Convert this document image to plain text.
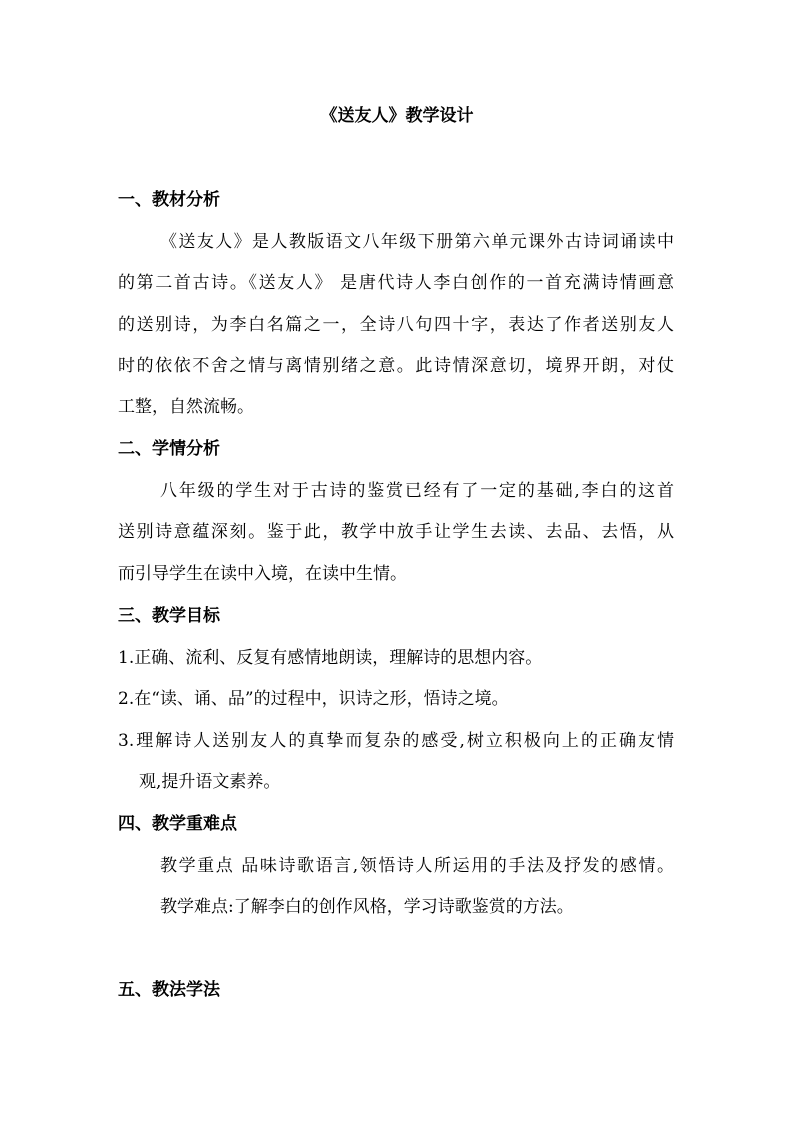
《送友人》教学设计
一、教材分析
《送友人》是人教版语文八年级下册第六单元课外古诗词诵读中
的第二首古诗。《送友人》 是唐代诗人李白创作的一首充满诗情画意
的送别诗，为李白名篇之一，全诗八句四十字，表达了作者送别友人
时的依依不舍之情与离情别绪之意。此诗情深意切，境界开朗，对仗
工整，自然流畅。
二、学情分析
八年级的学生对于古诗的鉴赏已经有了一定的基础,李白的这首
送别诗意蕴深刻。鉴于此，教学中放手让学生去读、去品、去悟，从
而引导学生在读中入境，在读中生情。
三、教学目标
1.正确、流利、反复有感情地朗读，理解诗的思想内容。
2.在“读、诵、品”的过程中，识诗之形，悟诗之境。
3.理解诗人送别友人的真挚而复杂的感受,树立积极向上的正确友情
观,提升语文素养。
四、教学重难点
教学重点 品味诗歌语言,领悟诗人所运用的手法及抒发的感情。
教学难点:了解李白的创作风格，学习诗歌鉴赏的方法。
五、教法学法
